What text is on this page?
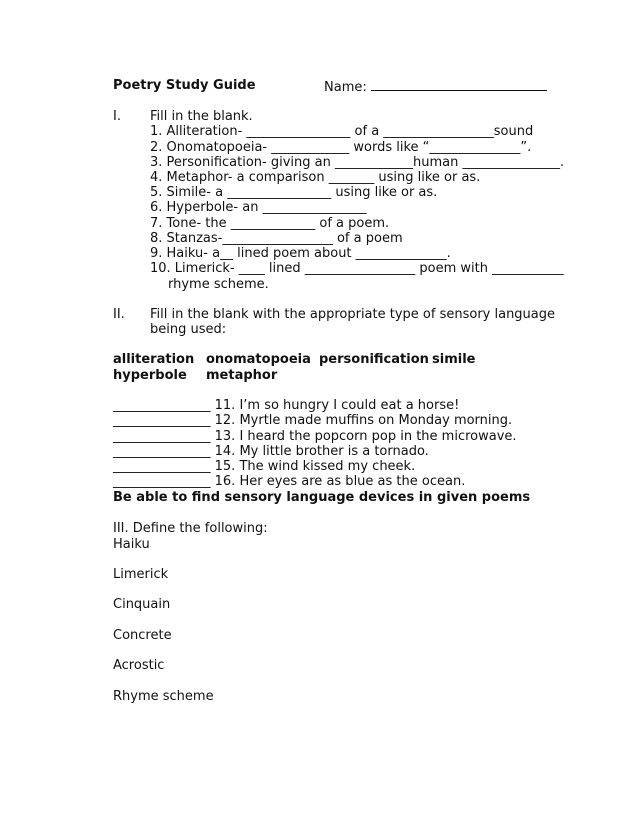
Poetry Study Guide	Name:
I. Fill in the blank.
1. Alliteration- ________________ of a _________________sound
2. Onomatopoeia- ____________ words like “______________”.
3. Personification- giving an ____________human _______________.
4. Metaphor- a comparison _______ using like or as.
5. Simile- a ________________ using like or as.
6. Hyperbole- an ________________
7. Tone- the _____________ of a poem.
8. Stanzas-_________________ of a poem
9. Haiku- a__ lined poem about ______________.
10. Limerick- ____ lined _________________ poem with ___________
rhyme scheme.
II. Fill in the blank with the appropriate type of sensory language
being used:
alliteration onomatopoeia personification simile
hyperbole metaphor
_______________ 11. I’m so hungry I could eat a horse!
_______________ 12. Myrtle made muffins on Monday morning.
_______________ 13. I heard the popcorn pop in the microwave.
_______________ 14. My little brother is a tornado.
_______________ 15. The wind kissed my cheek.
_______________ 16. Her eyes are as blue as the ocean.
Be able to find sensory language devices in given poems
III. Define the following:
Haiku
Limerick
Cinquain
Concrete
Acrostic
Rhyme scheme
